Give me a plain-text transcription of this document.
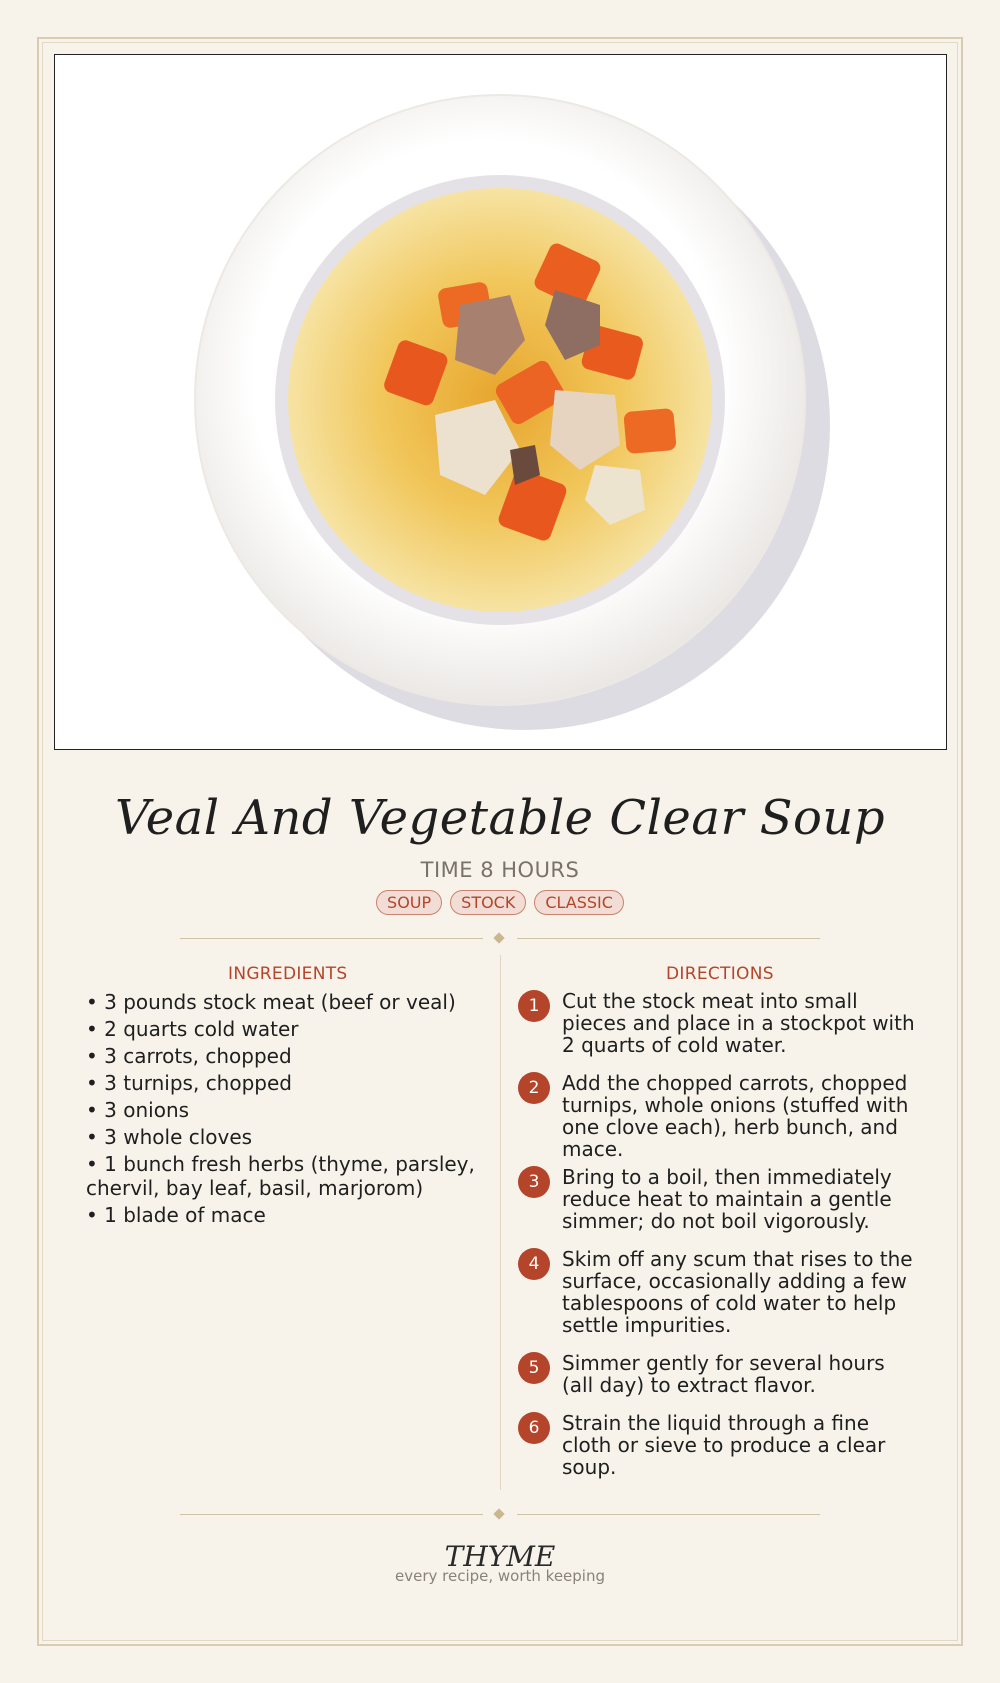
Veal And Vegetable Clear Soup
TIME 8 HOURS
SOUP	STOCK	CLASSIC
INGREDIENTS
• 3 pounds stock meat (beef or veal)
• 2 quarts cold water
• 3 carrots, chopped
• 3 turnips, chopped
• 3 onions
• 3 whole cloves
• 1 bunch fresh herbs (thyme, parsley, chervil, bay leaf, basil, marjorom)
• 1 blade of mace
DIRECTIONS
1	Cut the stock meat into small pieces and place in a stockpot with 2 quarts of cold water.
2	Add the chopped carrots, chopped turnips, whole onions (stuffed with one clove each), herb bunch, and mace.
3	Bring to a boil, then immediately reduce heat to maintain a gentle simmer; do not boil vigorously.
4	Skim off any scum that rises to the surface, occasionally adding a few tablespoons of cold water to help settle impurities.
5	Simmer gently for several hours (all day) to extract flavor.
6	Strain the liquid through a fine cloth or sieve to produce a clear soup.
THYME
every recipe, worth keeping
